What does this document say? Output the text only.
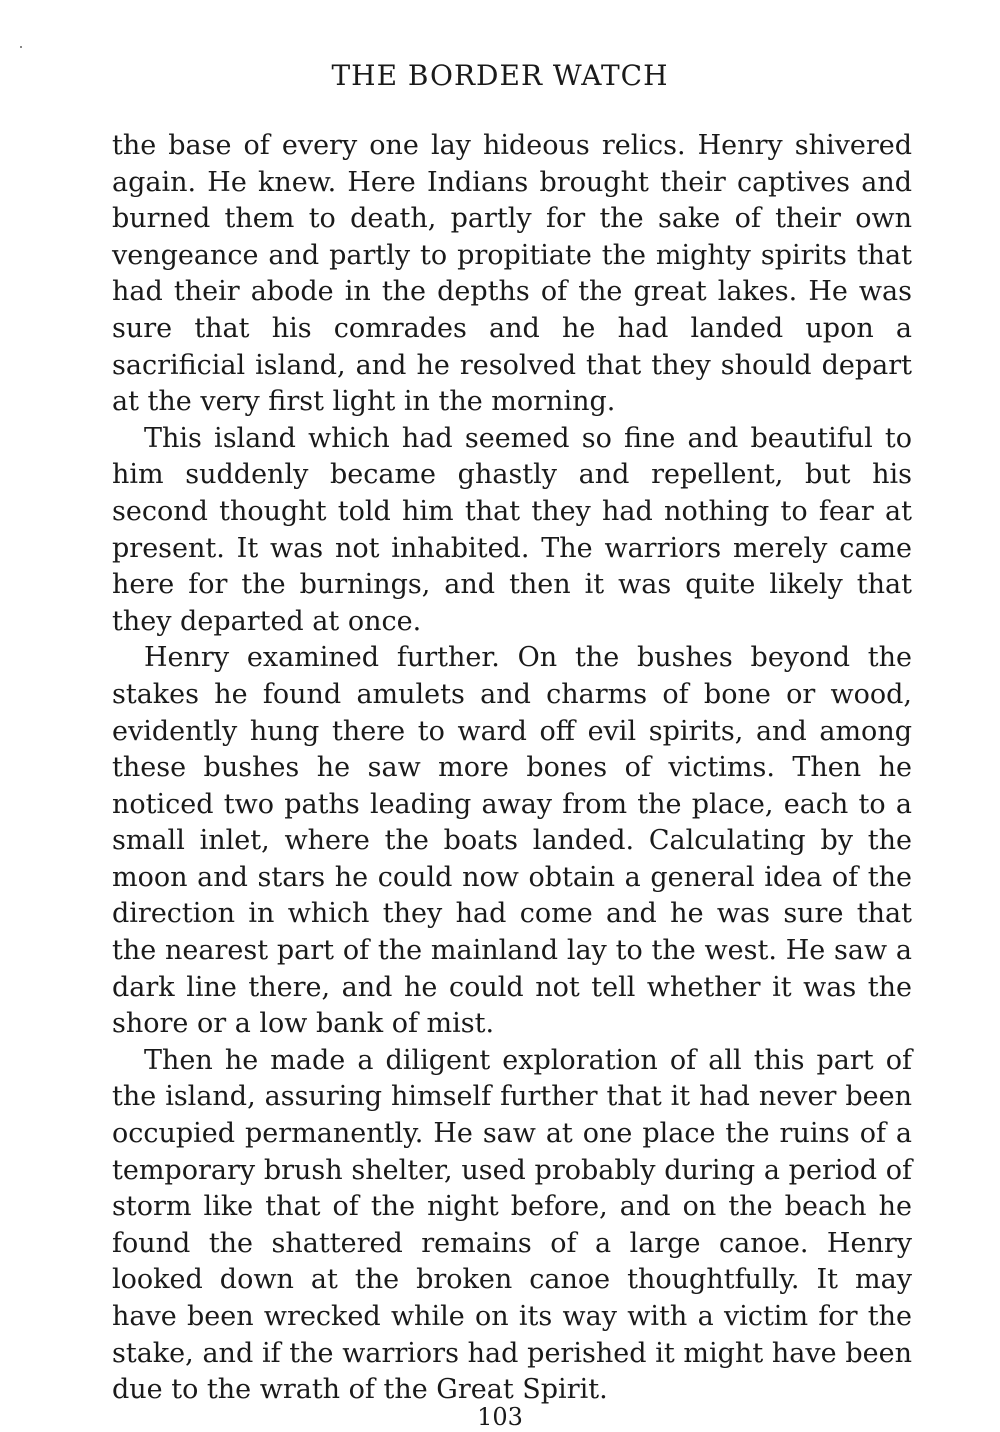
THE BORDER WATCH

the base of every one lay hideous relics. Henry shivered again. He knew. Here Indians brought their captives and burned them to death, partly for the sake of their own vengeance and partly to propitiate the mighty spirits that had their abode in the depths of the great lakes. He was sure that his comrades and he had landed upon a sacrificial island, and he resolved that they should depart at the very first light in the morning.

This island which had seemed so fine and beautiful to him suddenly became ghastly and repellent, but his second thought told him that they had nothing to fear at present. It was not inhabited. The warriors merely came here for the burnings, and then it was quite likely that they departed at once.

Henry examined further. On the bushes beyond the stakes he found amulets and charms of bone or wood, evidently hung there to ward off evil spirits, and among these bushes he saw more bones of victims. Then he noticed two paths leading away from the place, each to a small inlet, where the boats landed. Calculating by the moon and stars he could now obtain a general idea of the direction in which they had come and he was sure that the nearest part of the mainland lay to the west. He saw a dark line there, and he could not tell whether it was the shore or a low bank of mist.

Then he made a diligent exploration of all this part of the island, assuring himself further that it had never been occupied permanently. He saw at one place the ruins of a temporary brush shelter, used probably during a period of storm like that of the night before, and on the beach he found the shattered remains of a large canoe. Henry looked down at the broken canoe thoughtfully. It may have been wrecked while on its way with a victim for the stake, and if the warriors had perished it might have been due to the wrath of the Great Spirit.

103
